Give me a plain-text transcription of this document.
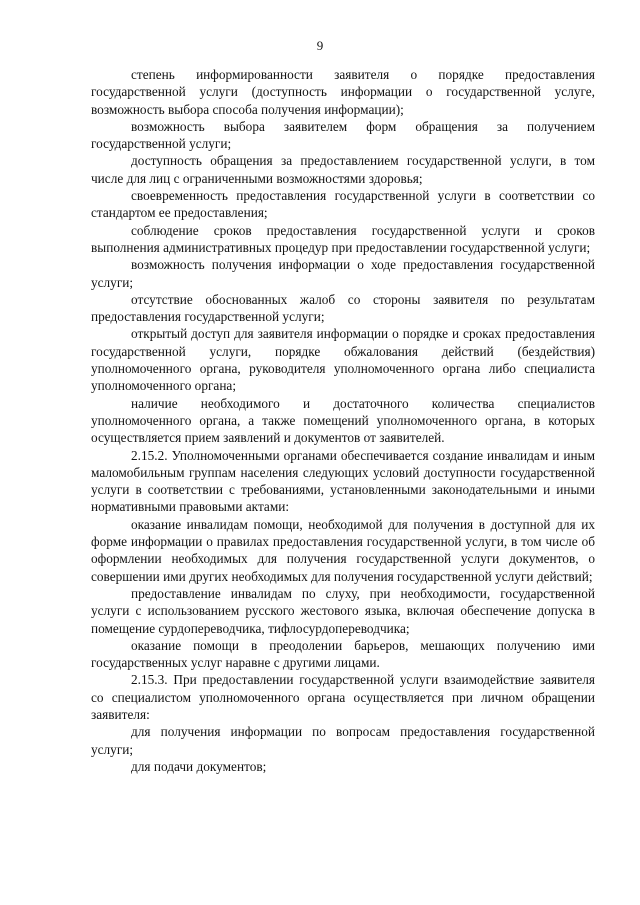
9

степень информированности заявителя о порядке предоставления государственной услуги (доступность информации о государственной услуге, возможность выбора способа получения информации);

возможность выбора заявителем форм обращения за получением государственной услуги;

доступность обращения за предоставлением государственной услуги, в том числе для лиц с ограниченными возможностями здоровья;

своевременность предоставления государственной услуги в соответствии со стандартом ее предоставления;

соблюдение сроков предоставления государственной услуги и сроков выполнения административных процедур при предоставлении государственной услуги;

возможность получения информации о ходе предоставления государственной услуги;

отсутствие обоснованных жалоб со стороны заявителя по результатам предоставления государственной услуги;

открытый доступ для заявителя информации о порядке и сроках предоставления государственной услуги, порядке обжалования действий (бездействия) уполномоченного органа, руководителя уполномоченного органа либо специалиста уполномоченного органа;

наличие необходимого и достаточного количества специалистов уполномоченного органа, а также помещений уполномоченного органа, в которых осуществляется прием заявлений и документов от заявителей.

2.15.2. Уполномоченными органами обеспечивается создание инвалидам и иным маломобильным группам населения следующих условий доступности государственной услуги в соответствии с требованиями, установленными законодательными и иными нормативными правовыми актами:

оказание инвалидам помощи, необходимой для получения в доступной для их форме информации о правилах предоставления государственной услуги, в том числе об оформлении необходимых для получения государственной услуги документов, о совершении ими других необходимых для получения государственной услуги действий;

предоставление инвалидам по слуху, при необходимости, государственной услуги с использованием русского жестового языка, включая обеспечение допуска в помещение сурдопереводчика, тифлосурдопереводчика;

оказание помощи в преодолении барьеров, мешающих получению ими государственных услуг наравне с другими лицами.

2.15.3. При предоставлении государственной услуги взаимодействие заявителя со специалистом уполномоченного органа осуществляется при личном обращении заявителя:

для получения информации по вопросам предоставления государственной услуги;

для подачи документов;
